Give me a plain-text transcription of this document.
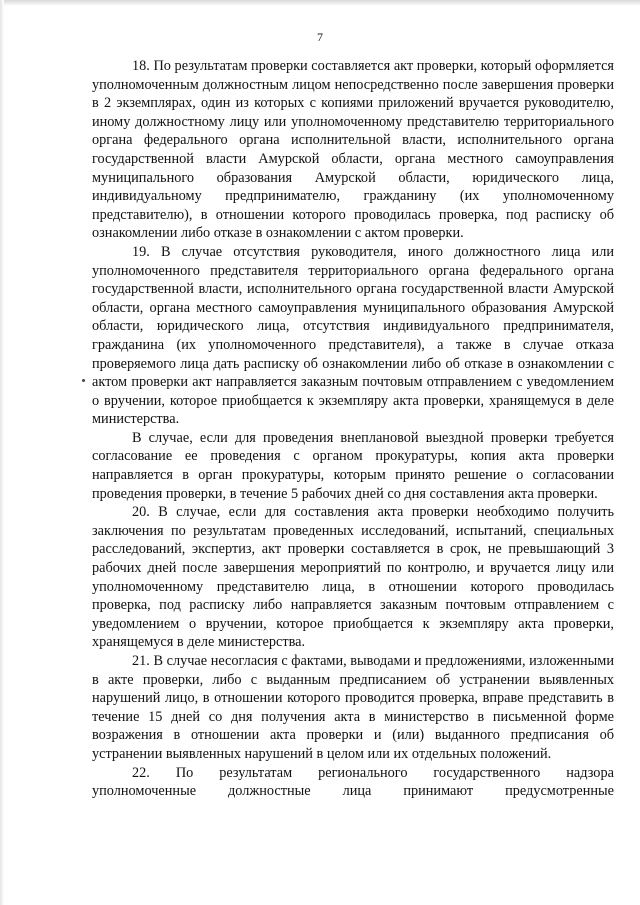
7

18. По результатам проверки составляется акт проверки, который оформляется уполномоченным должностным лицом непосредственно после завершения проверки в 2 экземплярах, один из которых с копиями приложений вручается руководителю, иному должностному лицу или уполномоченному представителю территориального органа федерального органа исполнительной власти, исполнительного органа государственной власти Амурской области, органа местного самоуправления муниципального образования Амурской области, юридического лица, индивидуальному предпринимателю, гражданину (их уполномоченному представителю), в отношении которого проводилась проверка, под расписку об ознакомлении либо отказе в ознакомлении с актом проверки.

19. В случае отсутствия руководителя, иного должностного лица или уполномоченного представителя территориального органа федерального органа государственной власти, исполнительного органа государственной власти Амурской области, органа местного самоуправления муниципального образования Амурской области, юридического лица, отсутствия индивидуального предпринимателя, гражданина (их уполномоченного представителя), а также в случае отказа проверяемого лица дать расписку об ознакомлении либо об отказе в ознакомлении с актом проверки акт направляется заказным почтовым отправлением с уведомлением о вручении, которое приобщается к экземпляру акта проверки, хранящемуся в деле министерства.

В случае, если для проведения внеплановой выездной проверки требуется согласование ее проведения с органом прокуратуры, копия акта проверки направляется в орган прокуратуры, которым принято решение о согласовании проведения проверки, в течение 5 рабочих дней со дня составления акта проверки.

20. В случае, если для составления акта проверки необходимо получить заключения по результатам проведенных исследований, испытаний, специальных расследований, экспертиз, акт проверки составляется в срок, не превышающий 3 рабочих дней после завершения мероприятий по контролю, и вручается лицу или уполномоченному представителю лица, в отношении которого проводилась проверка, под расписку либо направляется заказным почтовым отправлением с уведомлением о вручении, которое приобщается к экземпляру акта проверки, хранящемуся в деле министерства.

21. В случае несогласия с фактами, выводами и предложениями, изложенными в акте проверки, либо с выданным предписанием об устранении выявленных нарушений лицо, в отношении которого проводится проверка, вправе представить в течение 15 дней со дня получения акта в министерство в письменной форме возражения в отношении акта проверки и (или) выданного предписания об устранении выявленных нарушений в целом или их отдельных положений.

22. По результатам регионального государственного надзора
уполномоченные должностные лица принимают предусмотренные
